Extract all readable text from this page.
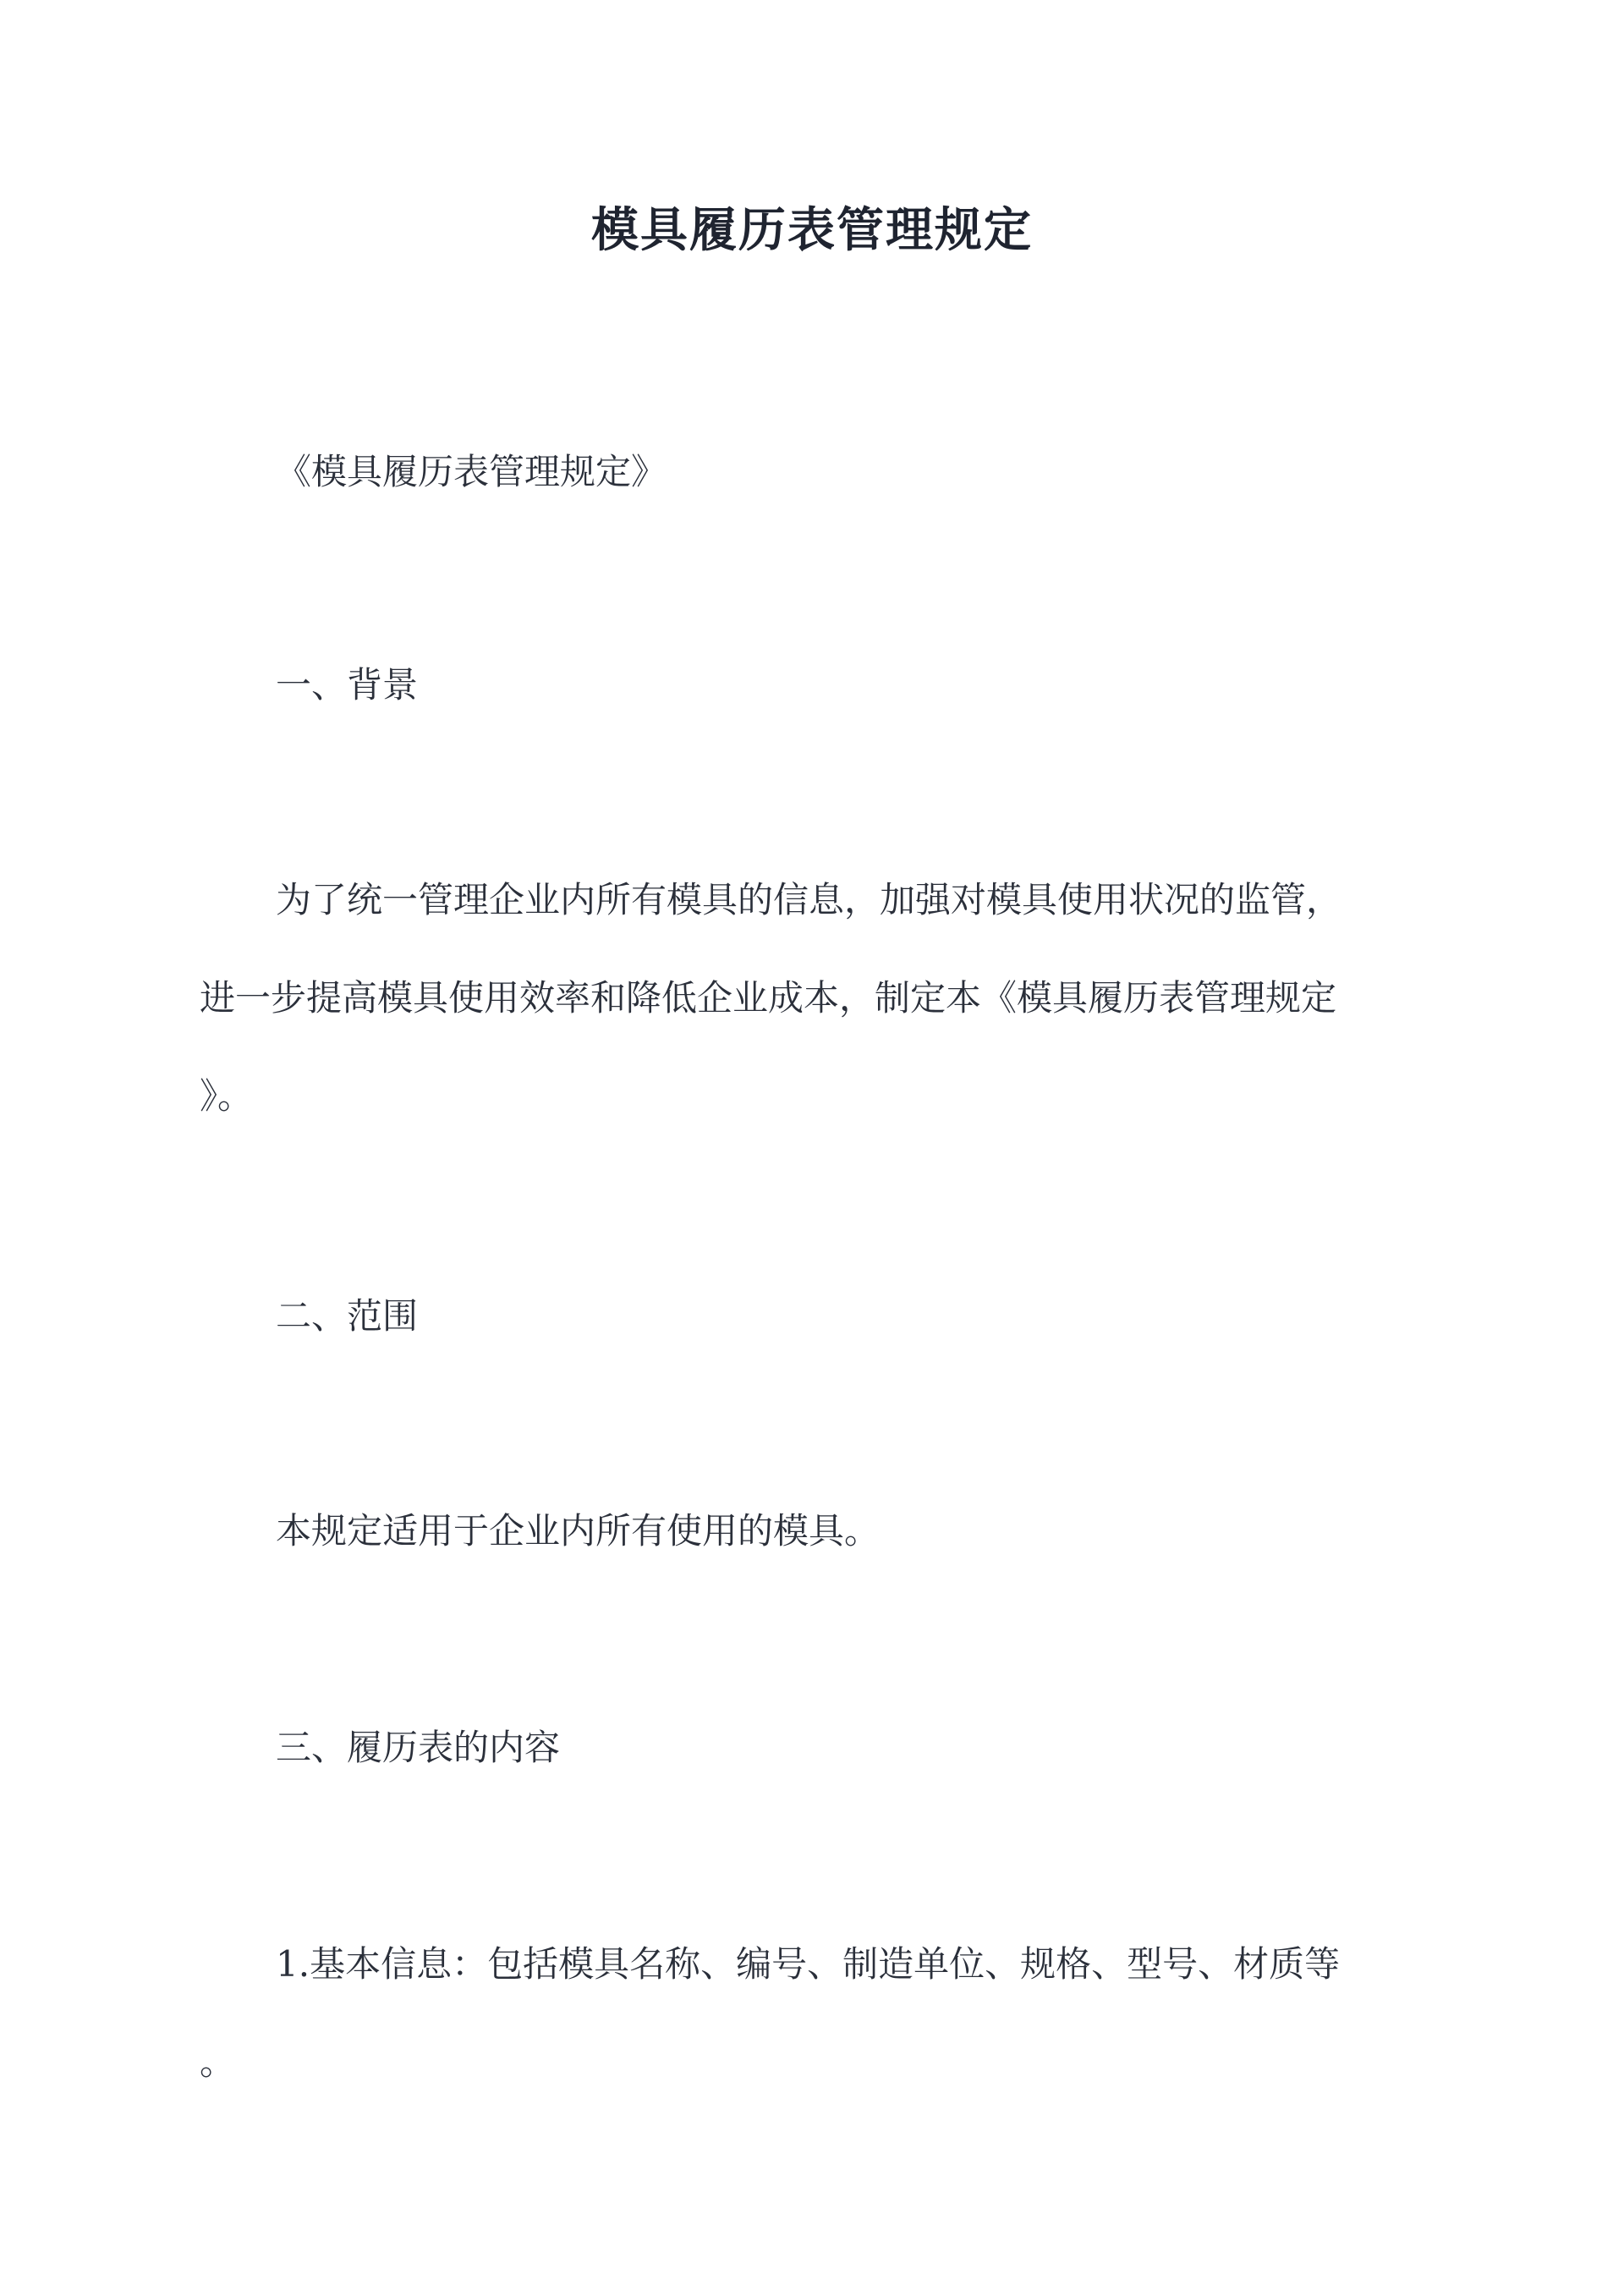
模具履历表管理规定
《模具履历表管理规定》
一、背景
为了统一管理企业内所有模具的信息，加强对模具使用状况的监管，
进一步提高模具使用效率和降低企业成本，制定本《模具履历表管理规定
》。
二、范围
本规定适用于企业内所有使用的模具。
三、履历表的内容
1.基本信息：包括模具名称、编号、制造单位、规格、型号、材质等
。
